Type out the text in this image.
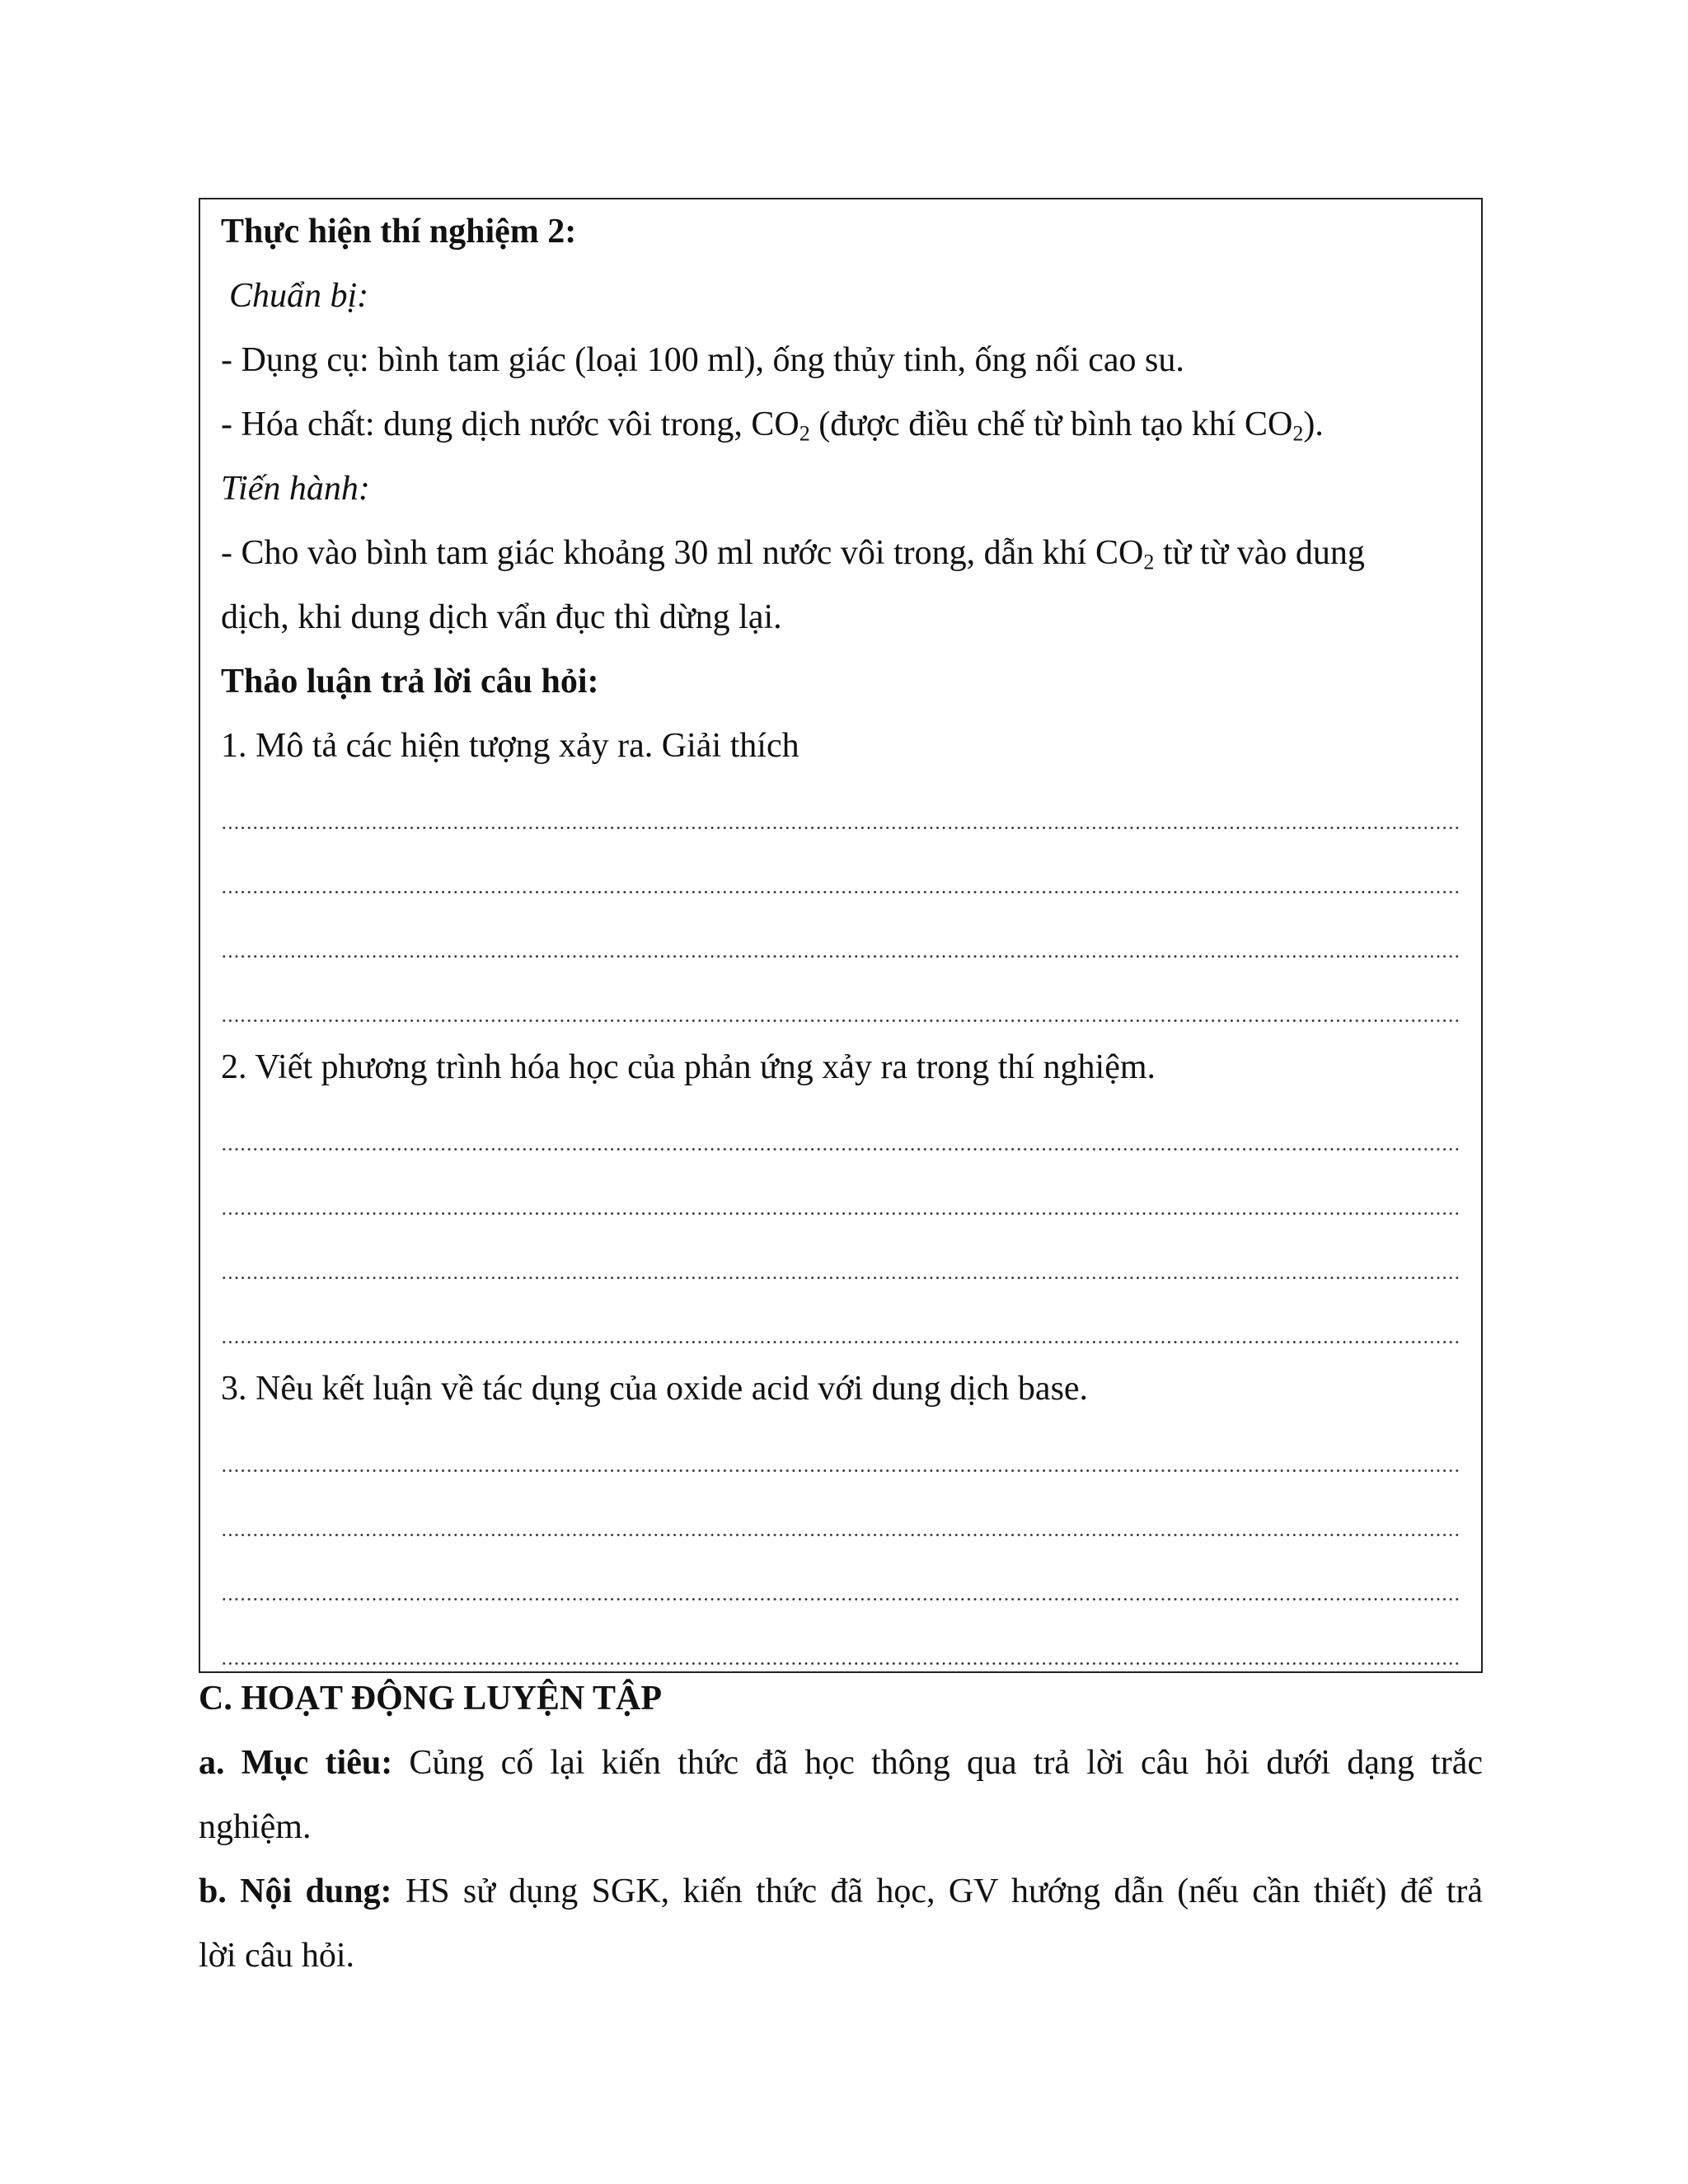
Thực hiện thí nghiệm 2:
Chuẩn bị:
- Dụng cụ: bình tam giác (loại 100 ml), ống thủy tinh, ống nối cao su.
- Hóa chất: dung dịch nước vôi trong, $CO_2$ (được điều chế từ bình tạo khí $CO_2$).
Tiến hành:
- Cho vào bình tam giác khoảng 30 ml nước vôi trong, dẫn khí $CO_2$ từ từ vào dung
dịch, khi dung dịch vẩn đục thì dừng lại.
Thảo luận trả lời câu hỏi:
1. Mô tả các hiện tượng xảy ra. Giải thích
2. Viết phương trình hóa học của phản ứng xảy ra trong thí nghiệm.
3. Nêu kết luận về tác dụng của oxide acid với dung dịch base.
C. HOẠT ĐỘNG LUYỆN TẬP
a. Mục tiêu: Củng cố lại kiến thức đã học thông qua trả lời câu hỏi dưới dạng trắc
nghiệm.
b. Nội dung: HS sử dụng SGK, kiến thức đã học, GV hướng dẫn (nếu cần thiết) để trả
lời câu hỏi.
